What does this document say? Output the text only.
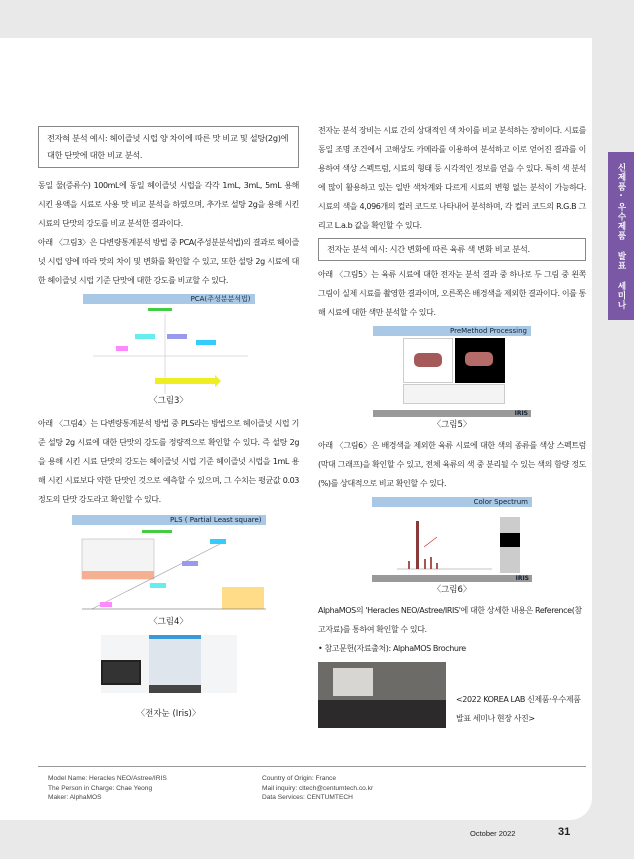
신제품·우수제품 발표 세미나
전자혀 분석 예시: 헤이즐넛 시럽 양 차이에 따른 맛 비교 및 설탕(2g)에 대한 단맛에 대한 비교 분석.
동일 물(증류수) 100mL에 동일 헤이즐넛 시럽을 각각 1mL, 3mL, 5mL 용해 시킨 용액을 시료로 사용 맛 비교 분석을 하였으며, 추가로 설탕 2g을 용해 시킨 시료의 단맛의 강도를 비교 분석한 결과이다.
아래 〈그림3〉은 다변량통계분석 방법 중 PCA(주성분분석법)의 결과로 헤이즐넛 시럽 양에 따라 맛의 차이 및 변화를 확인할 수 있고, 또한 설탕 2g 시료에 대한 헤이즐넛 시럽 기준 단맛에 대한 강도를 비교할 수 있다.
PCA(주성분분석법)
〈그림3〉
아래 〈그림4〉는 다변량통계분석 방법 중 PLS라는 방법으로 헤이즐넛 시럽 기준 설탕 2g 시료에 대한 단맛의 강도를 정량적으로 확인할 수 있다. 즉 설탕 2g을 용해 시킨 시료 단맛의 강도는 헤이즐넛 시럽 기준 헤이즐넛 시럽을 1mL 용해 시킨 시료보다 약한 단맛인 것으로 예측할 수 있으며, 그 수치는 평균값 0.03 정도의 단맛 강도라고 확인할 수 있다.
PLS ( Partial Least square)
〈그림4〉
〈전자눈 (Iris)〉
전자눈 분석 장비는 시료 간의 상대적인 색 차이를 비교 분석하는 장비이다. 시료를 동일 조명 조건에서 고해상도 카메라를 이용하여 분석하고 이로 얻어진 결과를 이용하여 색상 스펙트럼, 시료의 형태 등 시각적인 정보를 얻을 수 있다. 특히 색 분석에 많이 활용하고 있는 일반 색차계와 다르게 시료의 변형 없는 분석이 가능하다. 시료의 색을 4,096개의 컬러 코드로 나타내어 분석하며, 각 컬러 코드의 R.G.B 그리고 L.a.b 값을 확인할 수 있다.
전자눈 분석 예시: 시간 변화에 따른 육류 색 변화 비교 분석.
아래 〈그림5〉는 육류 시료에 대한 전자눈 분석 결과 중 하나로 두 그림 중 왼쪽 그림이 실제 시료를 촬영한 결과이며, 오른쪽은 배경색을 제외한 결과이다. 이를 통해 시료에 대한 색만 분석할 수 있다.
PreMethod Processing
IRIS
〈그림5〉
아래 〈그림6〉은 배경색을 제외한 육류 시료에 대한 색의 종류를 색상 스펙트럼(막대 그래프)을 확인할 수 있고, 전체 육류의 색 중 분리될 수 있는 색의 함량 정도(%)를 상대적으로 비교 확인할 수 있다.
Color Spectrum
IRIS
〈그림6〉
AlphaMOS의 'Heracles NEO/Astree/IRIS'에 대한 상세한 내용은 Reference(참고자료)를 통하여 확인할 수 있다.
• 참고문헌(자료출처): AlphaMOS Brochure
<2022 KOREA LAB 신제품·우수제품 발표 세미나 현장 사진>
Model Name: Heracles NEO/Astree/IRIS
The Person in Charge: Chae Yeong
Maker: AlphaMOS
Country of Origin: France
Mail inquiry: cltech@centumtech.co.kr
Data Services: CENTUMTECH
October 2022	31
